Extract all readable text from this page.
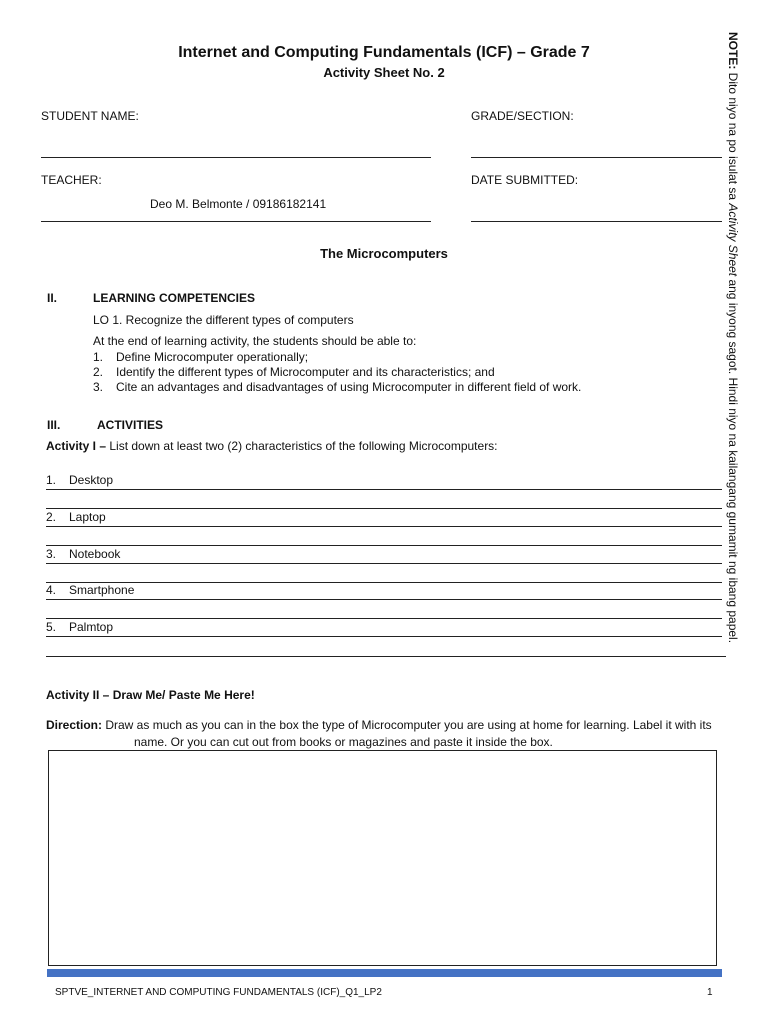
Internet and Computing Fundamentals (ICF) – Grade 7
Activity Sheet No. 2
STUDENT NAME:	GRADE/SECTION:
TEACHER:
Deo M. Belmonte / 09186182141
DATE SUBMITTED:
The Microcomputers
II.	LEARNING COMPETENCIES
LO 1. Recognize the different types of computers
At the end of learning activity, the students should be able to:
1. Define Microcomputer operationally;
2. Identify the different types of Microcomputer and its characteristics; and
3. Cite an advantages and disadvantages of using Microcomputer in different field of work.
III.	ACTIVITIES
Activity I – List down at least two (2) characteristics of the following Microcomputers:
1. Desktop
2. Laptop
3. Notebook
4. Smartphone
5. Palmtop
Activity II – Draw Me/ Paste Me Here!
Direction: Draw as much as you can in the box the type of Microcomputer you are using at home for learning. Label it with its
name. Or you can cut out from books or magazines and paste it inside the box.
SPTVE_INTERNET AND COMPUTING FUNDAMENTALS (ICF)_Q1_LP2	1
NOTE: Dito niyo na po isulat sa Activity Sheet ang inyong sagot. Hindi niyo na kailangang gumamit ng ibang papel.
